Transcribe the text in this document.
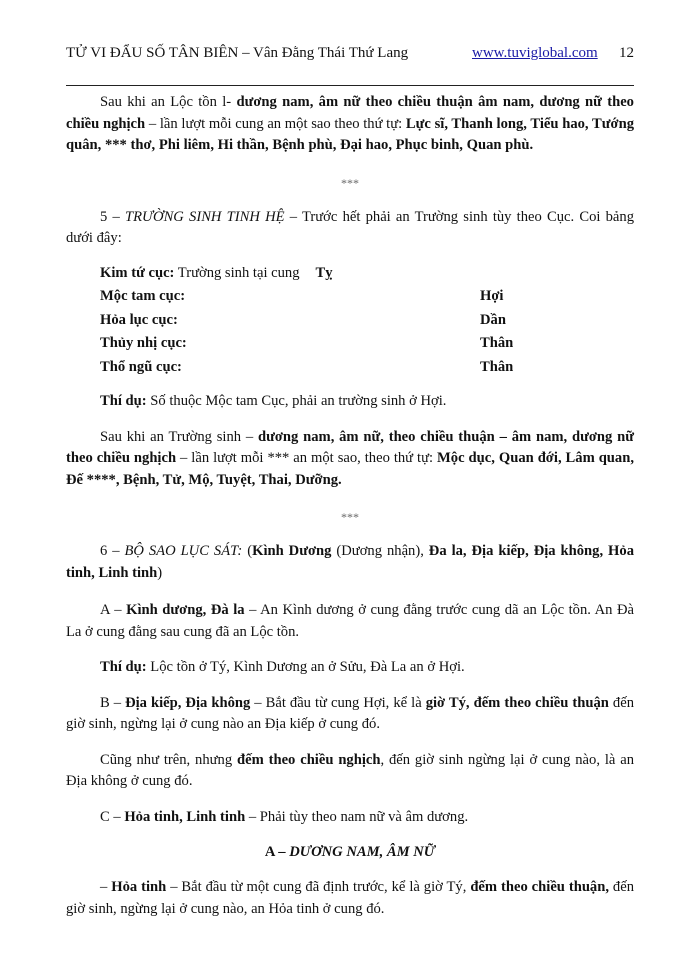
TỬ VI ĐẨU SỐ TÂN BIÊN – Vân Đằng Thái Thứ Lang	www.tuviglobal.com 12

Sau khi an Lộc tồn l- dương nam, âm nữ theo chiều thuận âm nam, dương nữ theo chiều nghịch – lần lượt mỗi cung an một sao theo thứ tự: Lực sĩ, Thanh long, Tiểu hao, Tướng quân, *** thơ, Phi liêm, Hi thần, Bệnh phù, Đại hao, Phục binh, Quan phù.

***

5 – TRƯỜNG SINH TINH HỆ – Trước hết phải an Trường sinh tùy theo Cục. Coi bảng dưới đây:

Kim tứ cục: Trường sinh tại cung Tỵ
Mộc tam cục:	Hợi
Hỏa lục cục:	Dần
Thủy nhị cục:	Thân
Thổ ngũ cục:	Thân

Thí dụ: Số thuộc Mộc tam Cục, phải an trường sinh ở Hợi.

Sau khi an Trường sinh – dương nam, âm nữ, theo chiều thuận – âm nam, dương nữ theo chiều nghịch – lần lượt mỗi *** an một sao, theo thứ tự: Mộc dục, Quan đới, Lâm quan, Đế ****, Bệnh, Tử, Mộ, Tuyệt, Thai, Dưỡng.

***

6 – BỘ SAO LỤC SÁT: (Kình Dương (Dương nhận), Đa la, Địa kiếp, Địa không, Hỏa tinh, Linh tinh)

A – Kình dương, Đà la – An Kình dương ở cung đằng trước cung dã an Lộc tồn. An Đà La ở cung đằng sau cung đã an Lộc tồn.

Thí dụ: Lộc tồn ở Tý, Kình Dương an ở Sửu, Đà La an ở Hợi.

B – Địa kiếp, Địa không – Bắt đầu từ cung Hợi, kể là giờ Tý, đếm theo chiều thuận đến giờ sinh, ngừng lại ở cung nào an Địa kiếp ở cung đó.

Cũng như trên, nhưng đếm theo chiều nghịch, đến giờ sinh ngừng lại ở cung nào, là an Địa không ở cung đó.

C – Hỏa tinh, Linh tinh – Phải tùy theo nam nữ và âm dương.

A – DƯƠNG NAM, ÂM NỮ

– Hỏa tinh – Bắt đầu từ một cung đã định trước, kể là giờ Tý, đếm theo chiều thuận, đến giờ sinh, ngừng lại ở cung nào, an Hỏa tinh ở cung đó.
